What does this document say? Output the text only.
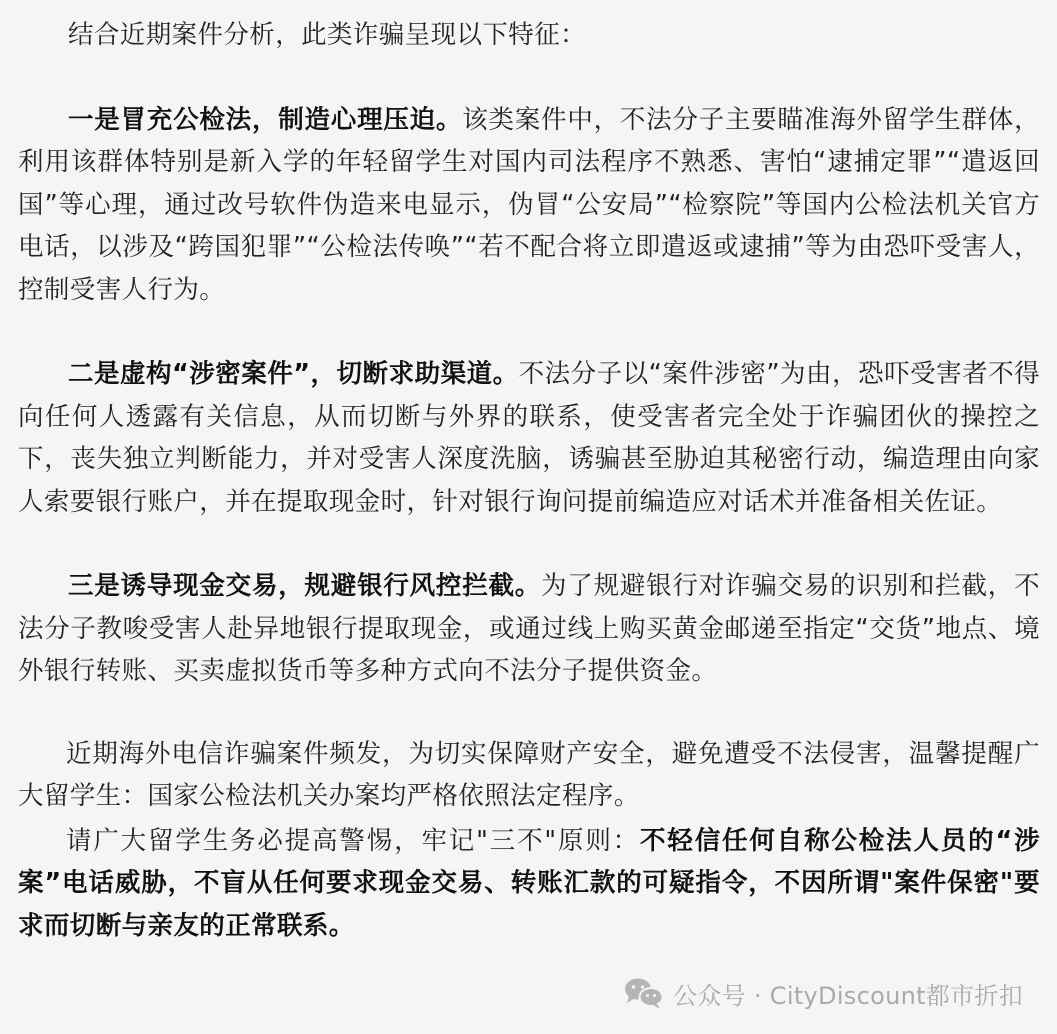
结合近期案件分析，此类诈骗呈现以下特征：

一是冒充公检法，制造心理压迫。该类案件中，不法分子主要瞄准海外留学生群体，利用该群体特别是新入学的年轻留学生对国内司法程序不熟悉、害怕“逮捕定罪”“遣返回国”等心理，通过改号软件伪造来电显示，伪冒“公安局”“检察院”等国内公检法机关官方电话，以涉及“跨国犯罪”“公检法传唤”“若不配合将立即遣返或逮捕”等为由恐吓受害人，控制受害人行为。

二是虚构“涉密案件”，切断求助渠道。不法分子以“案件涉密”为由，恐吓受害者不得向任何人透露有关信息，从而切断与外界的联系，使受害者完全处于诈骗团伙的操控之下，丧失独立判断能力，并对受害人深度洗脑，诱骗甚至胁迫其秘密行动，编造理由向家人索要银行账户，并在提取现金时，针对银行询问提前编造应对话术并准备相关佐证。

三是诱导现金交易，规避银行风控拦截。为了规避银行对诈骗交易的识别和拦截，不法分子教唆受害人赴异地银行提取现金，或通过线上购买黄金邮递至指定“交货”地点、境外银行转账、买卖虚拟货币等多种方式向不法分子提供资金。

近期海外电信诈骗案件频发，为切实保障财产安全，避免遭受不法侵害，温馨提醒广大留学生：国家公检法机关办案均严格依照法定程序。

请广大留学生务必提高警惕，牢记"三不"原则：不轻信任何自称公检法人员的“涉案”电话威胁，不盲从任何要求现金交易、转账汇款的可疑指令，不因所谓"案件保密"要求而切断与亲友的正常联系。

公众号 · CityDiscount都市折扣
